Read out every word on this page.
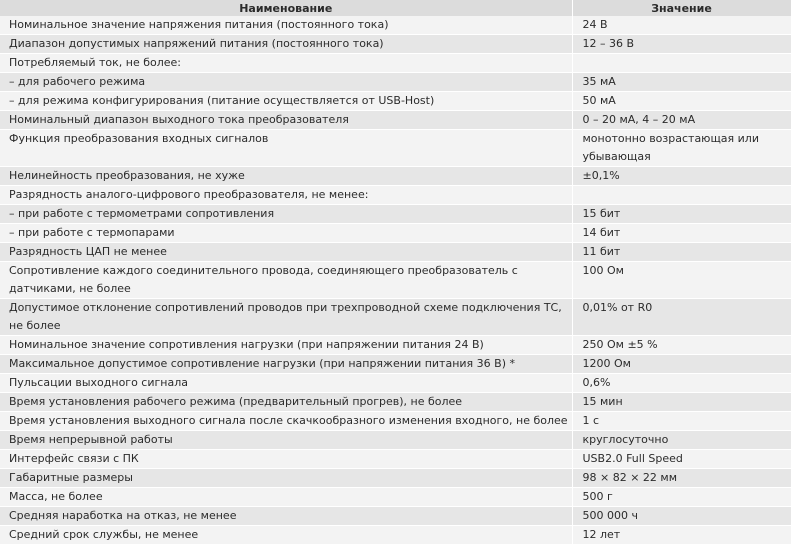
Наименование	Значение
Номинальное значение напряжения питания (постоянного тока)	24 В
Диапазон допустимых напряжений питания (постоянного тока)	12 – 36 В
Потребляемый ток, не более:	
– для рабочего режима	35 мА
– для режима конфигурирования (питание осуществляется от USB-Host)	50 мА
Номинальный диапазон выходного тока преобразователя	0 – 20 мА, 4 – 20 мА
Функция преобразования входных сигналов	монотонно возрастающая или убывающая
Нелинейность преобразования, не хуже	±0,1%
Разрядность аналого-цифрового преобразователя, не менее:	
– при работе с термометрами сопротивления	15 бит
– при работе с термопарами	14 бит
Разрядность ЦАП не менее	11 бит
Сопротивление каждого соединительного провода, соединяющего преобразователь с датчиками, не более	100 Ом
Допустимое отклонение сопротивлений проводов при трехпроводной схеме подключения ТС, не более	0,01% от R0
Номинальное значение сопротивления нагрузки (при напряжении питания 24 В)	250 Ом ±5 %
Максимальное допустимое сопротивление нагрузки (при напряжении питания 36 В) *	1200 Ом
Пульсации выходного сигнала	0,6%
Время установления рабочего режима (предварительный прогрев), не более	15 мин
Время установления выходного сигнала после скачкообразного изменения входного, не более	1 с
Время непрерывной работы	круглосуточно
Интерфейс связи с ПК	USB2.0 Full Speed
Габаритные размеры	98 × 82 × 22 мм
Масса, не более	500 г
Средняя наработка на отказ, не менее	500 000 ч
Средний срок службы, не менее	12 лет
